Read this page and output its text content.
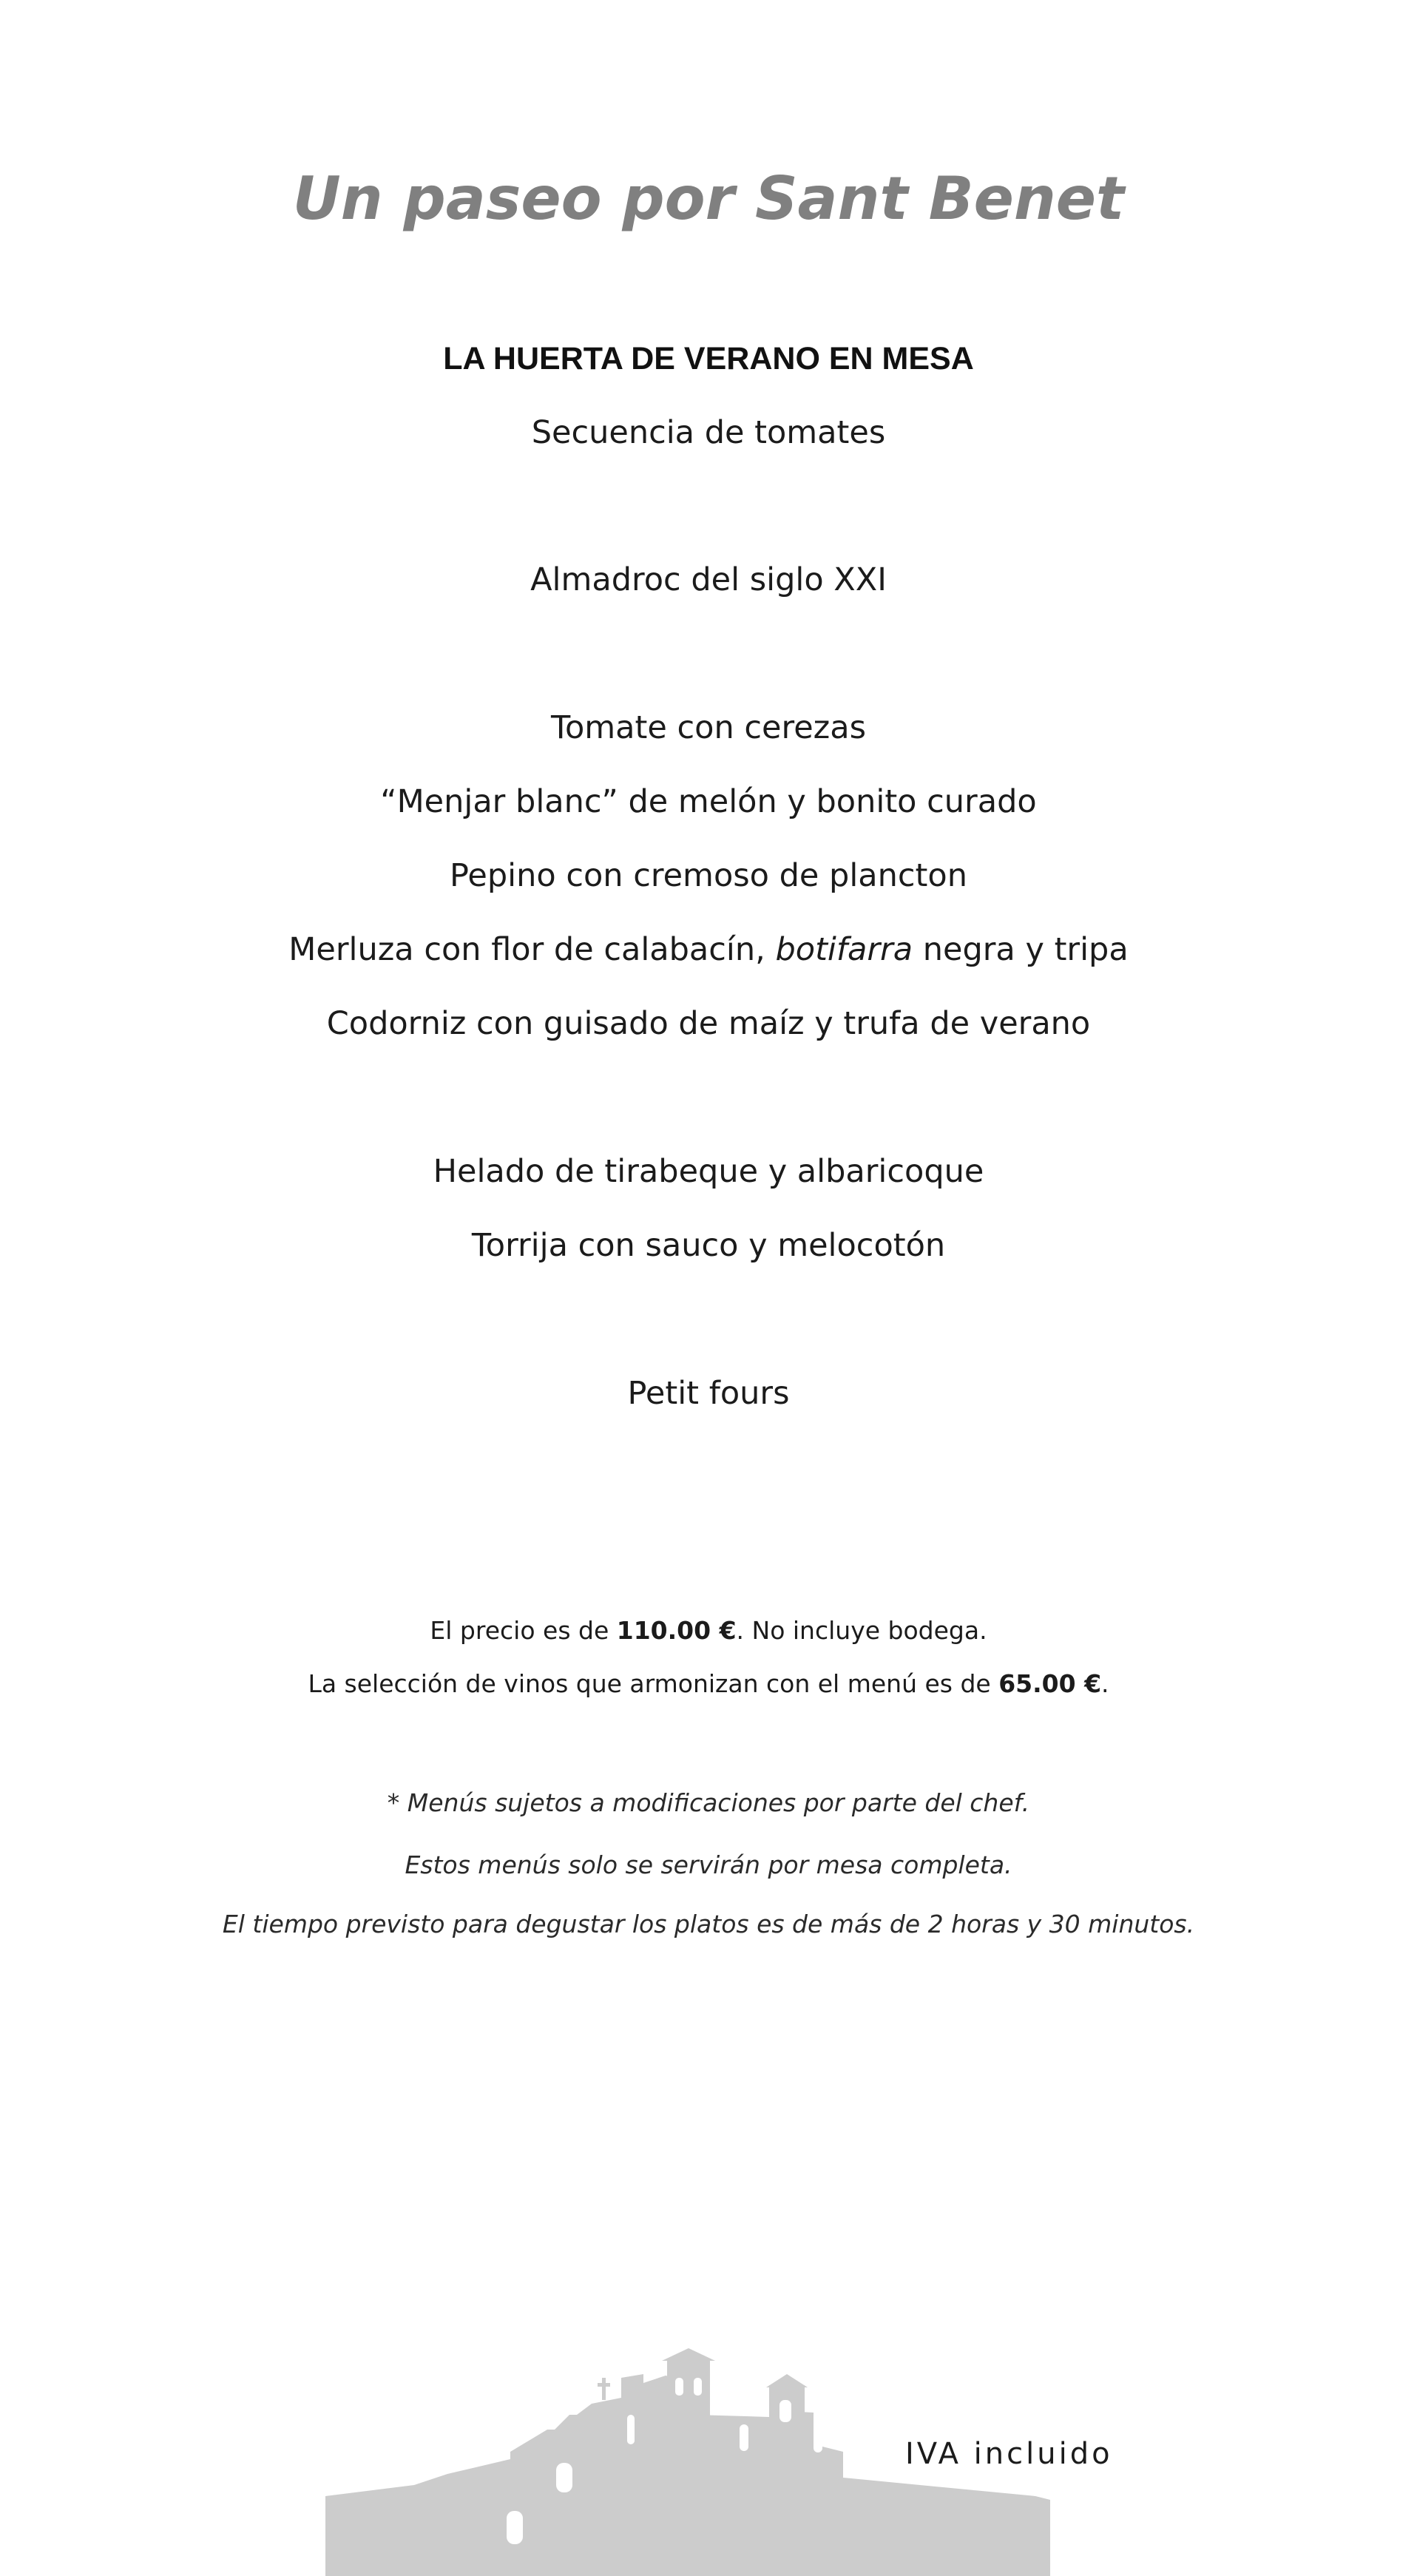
Un paseo por Sant Benet
LA HUERTA DE VERANO EN MESA

Secuencia de tomates

Almadroc del siglo XXI

Tomate con cerezas

“Menjar blanc” de melón y bonito curado

Pepino con cremoso de plancton

Merluza con flor de calabacín, botifarra negra y tripa

Codorniz con guisado de maíz y trufa de verano

Helado de tirabeque y albaricoque

Torrija con sauco y melocotón

Petit fours

El precio es de 110.00 €. No incluye bodega.

La selección de vinos que armonizan con el menú es de 65.00 €.

* Menús sujetos a modificaciones por parte del chef.

Estos menús solo se servirán por mesa completa.

El tiempo previsto para degustar los platos es de más de 2 horas y 30 minutos.

IVA incluido
